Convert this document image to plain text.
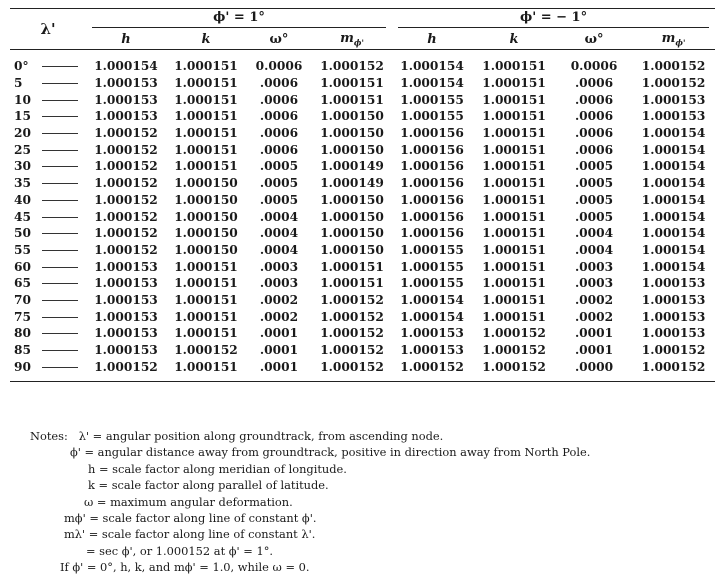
λ'	ϕ' = 1°				ϕ' = − 1°			
	h	k	ω°	$m_{\phi'}$	h	k	ω°	$m_{\phi'}$
0°	1.000154	1.000151	0.0006	1.000152	1.000154	1.000151	0.0006	1.000152
5	1.000153	1.000151	.0006	1.000151	1.000154	1.000151	.0006	1.000152
10	1.000153	1.000151	.0006	1.000151	1.000155	1.000151	.0006	1.000153
15	1.000153	1.000151	.0006	1.000150	1.000155	1.000151	.0006	1.000153
20	1.000152	1.000151	.0006	1.000150	1.000156	1.000151	.0006	1.000154
25	1.000152	1.000151	.0006	1.000150	1.000156	1.000151	.0006	1.000154
30	1.000152	1.000151	.0005	1.000149	1.000156	1.000151	.0005	1.000154
35	1.000152	1.000150	.0005	1.000149	1.000156	1.000151	.0005	1.000154
40	1.000152	1.000150	.0005	1.000150	1.000156	1.000151	.0005	1.000154
45	1.000152	1.000150	.0004	1.000150	1.000156	1.000151	.0005	1.000154
50	1.000152	1.000150	.0004	1.000150	1.000156	1.000151	.0004	1.000154
55	1.000152	1.000150	.0004	1.000150	1.000155	1.000151	.0004	1.000154
60	1.000153	1.000151	.0003	1.000151	1.000155	1.000151	.0003	1.000154
65	1.000153	1.000151	.0003	1.000151	1.000155	1.000151	.0003	1.000153
70	1.000153	1.000151	.0002	1.000152	1.000154	1.000151	.0002	1.000153
75	1.000153	1.000151	.0002	1.000152	1.000154	1.000151	.0002	1.000153
80	1.000153	1.000151	.0001	1.000152	1.000153	1.000152	.0001	1.000153
85	1.000153	1.000152	.0001	1.000152	1.000153	1.000152	.0001	1.000152
90	1.000152	1.000151	.0001	1.000152	1.000152	1.000152	.0000	1.000152
Notes: λ' = angular position along groundtrack, from ascending node.
ϕ' = angular distance away from groundtrack, positive in direction away from North Pole.
h = scale factor along meridian of longitude.
k = scale factor along parallel of latitude.
ω = maximum angular deformation.
mϕ' = scale factor along line of constant ϕ'.
mλ' = scale factor along line of constant λ'.
= sec ϕ', or 1.000152 at ϕ' = 1°.
If ϕ' = 0°, h, k, and mϕ' = 1.0, while ω = 0.
